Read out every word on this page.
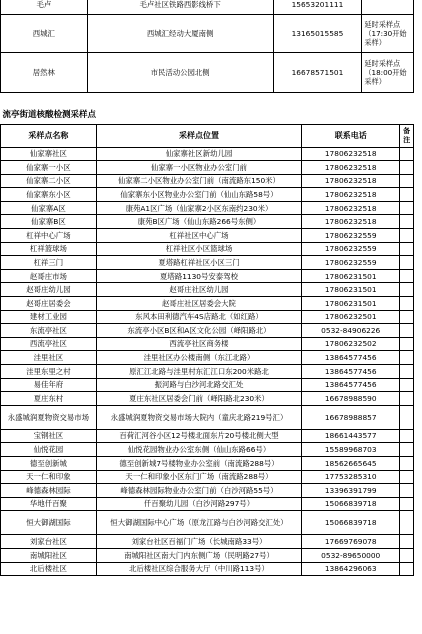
毛卢	毛卢社区铁路西影线桥下	15653201111	
西城汇	西城汇经动大厦南侧	13165015585	延时采样点（17:30开始采样）
居然林	市民活动公园北侧	16678571501	延时采样点（18:00开始采样）
流亭街道核酸检测采样点			
采样点名称	采样点位置	联系电话	备注
仙家寨社区	仙家寨社区新幼儿园	17806232518	
仙家寨一小区	仙家寨一小区物业办公室门前	17806232518	
仙家寨二小区	仙家寨二小区物业办公室门前（南流路东150米）	17806232518	
仙家寨东小区	仙家寨东小区物业办公室门前（仙山东路58号）	17806232518	
仙家寨A区	康苑A1区广场（仙家寨2小区东南约230米）	17806232518	
仙家寨B区	康苑B区广场（仙山东路266号东侧）	17806232518	
杠祥中心广场	杠祥社区中心广场	17806232559	
杠祥篮球场	杠祥社区小区篮球场	17806232559	
杠祥三门	夏塔路杠祥社区小区三门	17806232559	
赵哥庄市场	夏塔路1130号安泰驾校	17806231501	
赵哥庄幼儿园	赵哥庄社区幼儿园	17806231501	
赵哥庄居委会	赵哥庄社区居委会大院	17806231501	
建材工业园	东风本田利德汽车4S店路北（如红路）	17806232501	
东流亭社区	东流亭小区B区和A区文化公园（峄阳路北）	0532-84906226	
西流亭社区	西流亭社区商务楼	17806232502	
洼里社区	洼里社区办公楼南侧（东江北路）	13864577456	
洼里东里之村	原汇江北路与洼里村东汇江口东200米路北	13864577456	
易佳年府	振河路与白沙河北路交汇处	13864577456	
夏庄东村	夏庄东社区居委会门前（峄阳路北230米）	16678988590	
永盛城润夏物资交易市场	永盛城润夏物资交易市场大院内（童庆北路219号汇）	16678988857	
宝钢社区	百荷汇河谷小区12号楼北面东片20号楼北侧大型	18661443577	
仙悦花园	仙悦花园物业办公室东侧（仙山东路66号）	15589968703	
德至创新城	德至创新城7号楼物业办公室前（南流路288号）	18562665645	
天一仁和印象	天一仁和印象小区东门广场（南流路288号）	17753285310	
峰德森林园际	峰德森林园际物业办公室门前（白沙河路55号）	13396391799	
华地仟百聚	仟百聚幼儿园（白沙河路297号）	15066839718	
恒大御湖国际	恒大御湖国际中心广场（原龙江路与白沙河路交汇处）	15066839718	
刘家台社区	刘家台社区百福门广场（长城南路33号）	17669769078	
南城阳社区	南城阳社区南大门内东侧广场（民明路27号）	0532-89650000	
北后楼社区	北后楼社区综合服务大厅（中川路113号）	13864296063	
